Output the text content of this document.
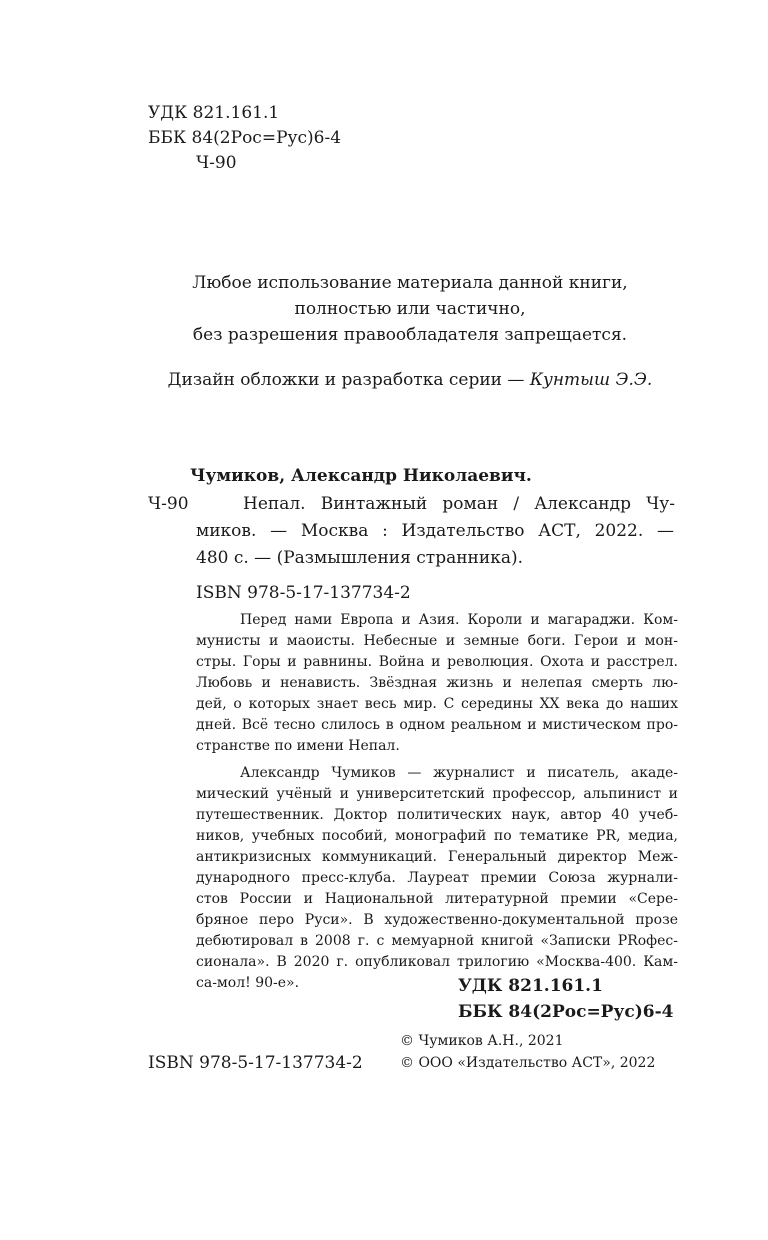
УДК 821.161.1
ББК 84(2Рос=Рус)6-4
Ч-90
Любое использование материала данной книги,
полностью или частично,
без разрешения правообладателя запрещается.
Дизайн обложки и разработка серии — Кунтыш Э.Э.
Чумиков, Александр Николаевич.
Ч-90	Непал. Винтажный роман / Александр Чу-
миков. — Москва : Издательство АСТ, 2022. —
480 с. — (Размышления странника).
ISBN 978-5-17-137734-2
Перед нами Европа и Азия. Короли и магараджи. Ком-
мунисты и маоисты. Небесные и земные боги. Герои и мон-
стры. Горы и равнины. Война и революция. Охота и расстрел.
Любовь и ненависть. Звёздная жизнь и нелепая смерть лю-
дей, о которых знает весь мир. С середины XX века до наших
дней. Всё тесно слилось в одном реальном и мистическом про-
странстве по имени Непал.
Александр Чумиков — журналист и писатель, акаде-
мический учёный и университетский профессор, альпинист и
путешественник. Доктор политических наук, автор 40 учеб-
ников, учебных пособий, монографий по тематике PR, медиа,
антикризисных коммуникаций. Генеральный директор Меж-
дународного пресс-клуба. Лауреат премии Союза журнали-
стов России и Национальной литературной премии «Сере-
бряное перо Руси». В художественно-документальной прозе
дебютировал в 2008 г. с мемуарной книгой «Записки PRофес-
сионала». В 2020 г. опубликовал трилогию «Москва-400. Кам-
са-мол! 90-е».	УДК 821.161.1
ББК 84(2Рос=Рус)6-4
© Чумиков А.Н., 2021
© ООО «Издательство АСТ», 2022
ISBN 978-5-17-137734-2
